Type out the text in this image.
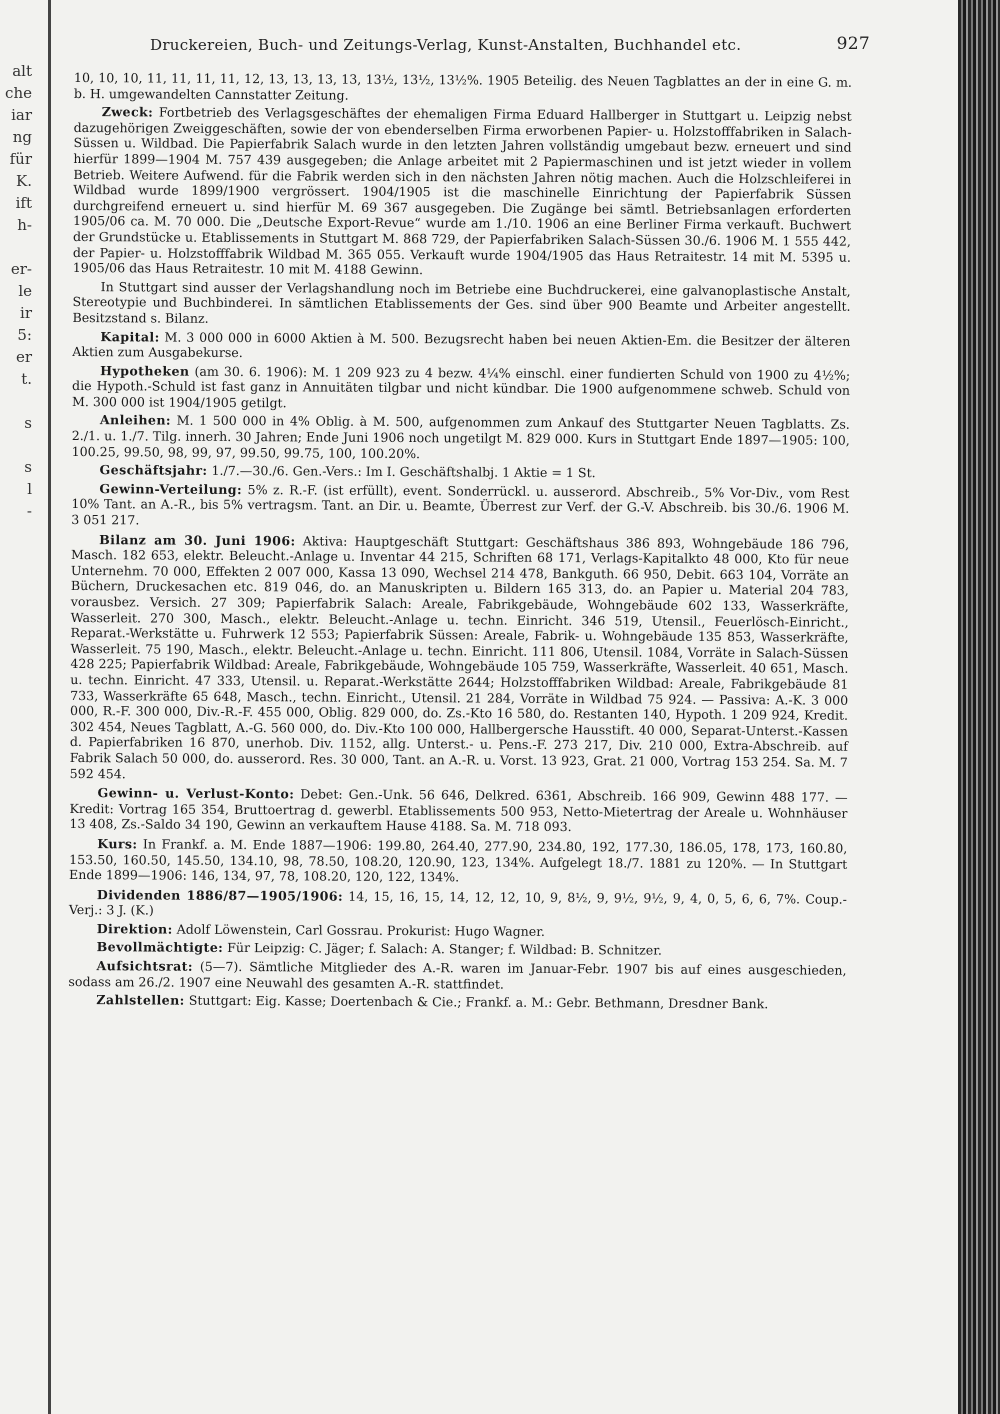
alt
che
iar
ng
für
K.
ift
h-

er-
le
ir
5:
er
t.

s

s
l
-
Druckereien, Buch- und Zeitungs-Verlag, Kunst-Anstalten, Buchhandel etc.	927

10, 10, 10, 11, 11, 11, 11, 12, 13, 13, 13, 13, 13½, 13½, 13½%. 1905 Beteilig. des Neuen Tagblattes an der in eine G. m. b. H. umgewandelten Cannstatter Zeitung.

Zweck: Fortbetrieb des Verlagsgeschäftes der ehemaligen Firma Eduard Hallberger in Stuttgart u. Leipzig nebst dazugehörigen Zweiggeschäften, sowie der von ebenderselben Firma erworbenen Papier- u. Holzstofffabriken in Salach-Süssen u. Wildbad. Die Papierfabrik Salach wurde in den letzten Jahren vollständig umgebaut bezw. erneuert und sind hierfür 1899—1904 M. 757 439 ausgegeben; die Anlage arbeitet mit 2 Papiermaschinen und ist jetzt wieder in vollem Betrieb. Weitere Aufwend. für die Fabrik werden sich in den nächsten Jahren nötig machen. Auch die Holzschleiferei in Wildbad wurde 1899/1900 vergrössert. 1904/1905 ist die maschinelle Einrichtung der Papierfabrik Süssen durchgreifend erneuert u. sind hierfür M. 69 367 ausgegeben. Die Zugänge bei sämtl. Betriebsanlagen erforderten 1905/06 ca. M. 70 000. Die „Deutsche Export-Revue“ wurde am 1./10. 1906 an eine Berliner Firma verkauft. Buchwert der Grundstücke u. Etablissements in Stuttgart M. 868 729, der Papierfabriken Salach-Süssen 30./6. 1906 M. 1 555 442, der Papier- u. Holzstofffabrik Wildbad M. 365 055. Verkauft wurde 1904/1905 das Haus Retraitestr. 14 mit M. 5395 u. 1905/06 das Haus Retraitestr. 10 mit M. 4188 Gewinn.

In Stuttgart sind ausser der Verlagshandlung noch im Betriebe eine Buchdruckerei, eine galvanoplastische Anstalt, Stereotypie und Buchbinderei. In sämtlichen Etablissements der Ges. sind über 900 Beamte und Arbeiter angestellt. Besitzstand s. Bilanz.

Kapital: M. 3 000 000 in 6000 Aktien à M. 500. Bezugsrecht haben bei neuen Aktien-Em. die Besitzer der älteren Aktien zum Ausgabekurse.

Hypotheken (am 30. 6. 1906): M. 1 209 923 zu 4 bezw. 4¼% einschl. einer fundierten Schuld von 1900 zu 4½%; die Hypoth.-Schuld ist fast ganz in Annuitäten tilgbar und nicht kündbar. Die 1900 aufgenommene schweb. Schuld von M. 300 000 ist 1904/1905 getilgt.

Anleihen: M. 1 500 000 in 4% Oblig. à M. 500, aufgenommen zum Ankauf des Stuttgarter Neuen Tagblatts. Zs. 2./1. u. 1./7. Tilg. innerh. 30 Jahren; Ende Juni 1906 noch ungetilgt M. 829 000. Kurs in Stuttgart Ende 1897—1905: 100, 100.25, 99.50, 98, 99, 97, 99.50, 99.75, 100, 100.20%.

Geschäftsjahr: 1./7.—30./6. Gen.-Vers.: Im I. Geschäftshalbj. 1 Aktie = 1 St.

Gewinn-Verteilung: 5% z. R.-F. (ist erfüllt), event. Sonderrückl. u. ausserord. Abschreib., 5% Vor-Div., vom Rest 10% Tant. an A.-R., bis 5% vertragsm. Tant. an Dir. u. Beamte, Überrest zur Verf. der G.-V. Abschreib. bis 30./6. 1906 M. 3 051 217.

Bilanz am 30. Juni 1906: Aktiva: Hauptgeschäft Stuttgart: Geschäftshaus 386 893, Wohngebäude 186 796, Masch. 182 653, elektr. Beleucht.-Anlage u. Inventar 44 215, Schriften 68 171, Verlags-Kapitalkto 48 000, Kto für neue Unternehm. 70 000, Effekten 2 007 000, Kassa 13 090, Wechsel 214 478, Bankguth. 66 950, Debit. 663 104, Vorräte an Büchern, Druckesachen etc. 819 046, do. an Manuskripten u. Bildern 165 313, do. an Papier u. Material 204 783, vorausbez. Versich. 27 309; Papierfabrik Salach: Areale, Fabrikgebäude, Wohngebäude 602 133, Wasserkräfte, Wasserleit. 270 300, Masch., elektr. Beleucht.-Anlage u. techn. Einricht. 346 519, Utensil., Feuerlösch-Einricht., Reparat.-Werkstätte u. Fuhrwerk 12 553; Papierfabrik Süssen: Areale, Fabrik- u. Wohngebäude 135 853, Wasserkräfte, Wasserleit. 75 190, Masch., elektr. Beleucht.-Anlage u. techn. Einricht. 111 806, Utensil. 1084, Vorräte in Salach-Süssen 428 225; Papierfabrik Wildbad: Areale, Fabrikgebäude, Wohngebäude 105 759, Wasserkräfte, Wasserleit. 40 651, Masch. u. techn. Einricht. 47 333, Utensil. u. Reparat.-Werkstätte 2644; Holzstofffabriken Wildbad: Areale, Fabrikgebäude 81 733, Wasserkräfte 65 648, Masch., techn. Einricht., Utensil. 21 284, Vorräte in Wildbad 75 924. — Passiva: A.-K. 3 000 000, R.-F. 300 000, Div.-R.-F. 455 000, Oblig. 829 000, do. Zs.-Kto 16 580, do. Restanten 140, Hypoth. 1 209 924, Kredit. 302 454, Neues Tagblatt, A.-G. 560 000, do. Div.-Kto 100 000, Hallbergersche Hausstift. 40 000, Separat-Unterst.-Kassen d. Papierfabriken 16 870, unerhob. Div. 1152, allg. Unterst.- u. Pens.-F. 273 217, Div. 210 000, Extra-Abschreib. auf Fabrik Salach 50 000, do. ausserord. Res. 30 000, Tant. an A.-R. u. Vorst. 13 923, Grat. 21 000, Vortrag 153 254. Sa. M. 7 592 454.

Gewinn- u. Verlust-Konto: Debet: Gen.-Unk. 56 646, Delkred. 6361, Abschreib. 166 909, Gewinn 488 177. — Kredit: Vortrag 165 354, Bruttoertrag d. gewerbl. Etablissements 500 953, Netto-Mietertrag der Areale u. Wohnhäuser 13 408, Zs.-Saldo 34 190, Gewinn an verkauftem Hause 4188. Sa. M. 718 093.

Kurs: In Frankf. a. M. Ende 1887—1906: 199.80, 264.40, 277.90, 234.80, 192, 177.30, 186.05, 178, 173, 160.80, 153.50, 160.50, 145.50, 134.10, 98, 78.50, 108.20, 120.90, 123, 134%. Aufgelegt 18./7. 1881 zu 120%. — In Stuttgart Ende 1899—1906: 146, 134, 97, 78, 108.20, 120, 122, 134%.

Dividenden 1886/87—1905/1906: 14, 15, 16, 15, 14, 12, 12, 10, 9, 8½, 9, 9½, 9½, 9, 4, 0, 5, 6, 6, 7%. Coup.-Verj.: 3 J. (K.)

Direktion: Adolf Löwenstein, Carl Gossrau. Prokurist: Hugo Wagner.

Bevollmächtigte: Für Leipzig: C. Jäger; f. Salach: A. Stanger; f. Wildbad: B. Schnitzer.

Aufsichtsrat: (5—7). Sämtliche Mitglieder des A.-R. waren im Januar-Febr. 1907 bis auf eines ausgeschieden, sodass am 26./2. 1907 eine Neuwahl des gesamten A.-R. stattfindet.

Zahlstellen: Stuttgart: Eig. Kasse; Doertenbach & Cie.; Frankf. a. M.: Gebr. Bethmann, Dresdner Bank.
